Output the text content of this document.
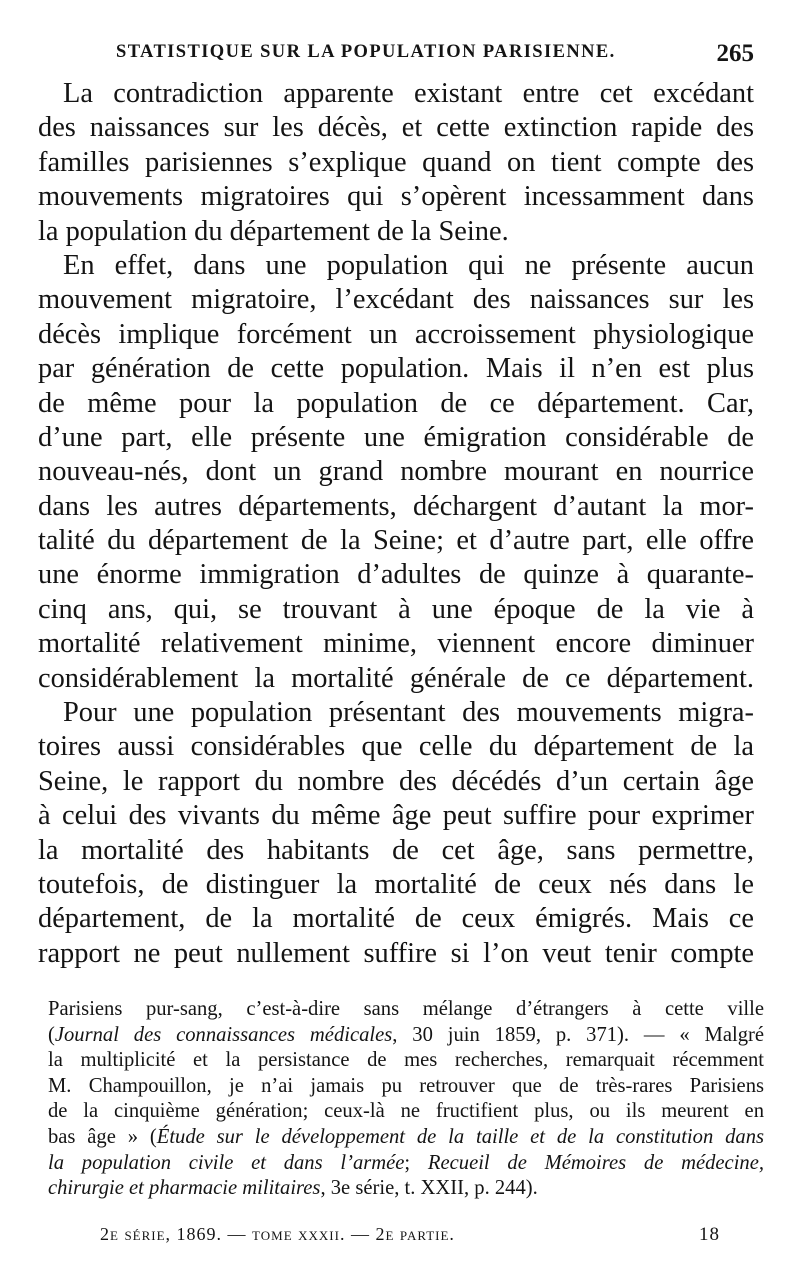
STATISTIQUE SUR LA POPULATION PARISIENNE.	265
La contradiction apparente existant entre cet excédant
des naissances sur les décès, et cette extinction rapide des
familles parisiennes s’explique quand on tient compte des
mouvements migratoires qui s’opèrent incessamment dans
la population du département de la Seine.
En effet, dans une population qui ne présente aucun
mouvement migratoire, l’excédant des naissances sur les
décès implique forcément un accroissement physiologique
par génération de cette population. Mais il n’en est plus
de même pour la population de ce département. Car,
d’une part, elle présente une émigration considérable de
nouveau-nés, dont un grand nombre mourant en nourrice
dans les autres départements, déchargent d’autant la mor-
talité du département de la Seine; et d’autre part, elle offre
une énorme immigration d’adultes de quinze à quarante-
cinq ans, qui, se trouvant à une époque de la vie à
mortalité relativement minime, viennent encore diminuer
considérablement la mortalité générale de ce département.
Pour une population présentant des mouvements migra-
toires aussi considérables que celle du département de la
Seine, le rapport du nombre des décédés d’un certain âge
à celui des vivants du même âge peut suffire pour exprimer
la mortalité des habitants de cet âge, sans permettre,
toutefois, de distinguer la mortalité de ceux nés dans le
département, de la mortalité de ceux émigrés. Mais ce
rapport ne peut nullement suffire si l’on veut tenir compte
Parisiens pur-sang, c’est-à-dire sans mélange d’étrangers à cette ville
(Journal des connaissances médicales, 30 juin 1859, p. 371). — « Malgré
la multiplicité et la persistance de mes recherches, remarquait récemment
M. Champouillon, je n’ai jamais pu retrouver que de très-rares Parisiens
de la cinquième génération; ceux-là ne fructifient plus, ou ils meurent en
bas âge » (Étude sur le développement de la taille et de la constitution dans
la population civile et dans l’armée; Recueil de Mémoires de médecine,
chirurgie et pharmacie militaires, 3e série, t. XXII, p. 244).
2e série, 1869. — tome xxxii. — 2e partie.	18
